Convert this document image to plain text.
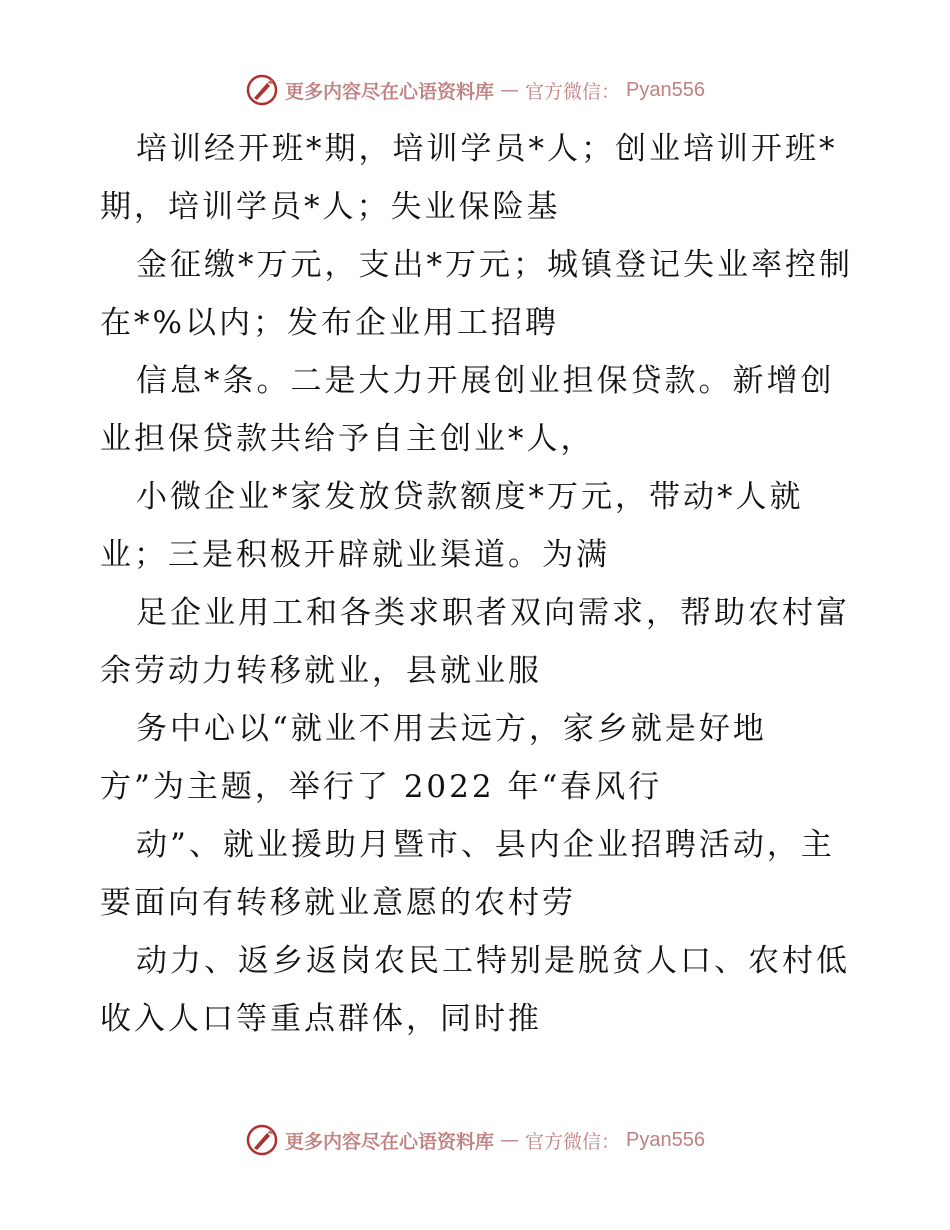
更多内容尽在心语资料库 — 官方微信： Pyan556
培训经开班*期，培训学员*人；创业培训开班*
期，培训学员*人；失业保险基
金征缴*万元，支出*万元；城镇登记失业率控制
在*%以内；发布企业用工招聘
信息*条。二是大力开展创业担保贷款。新增创
业担保贷款共给予自主创业*人，
小微企业*家发放贷款额度*万元，带动*人就
业；三是积极开辟就业渠道。为满
足企业用工和各类求职者双向需求，帮助农村富
余劳动力转移就业，县就业服
务中心以“就业不用去远方，家乡就是好地
方”为主题，举行了 2022 年“春风行
动”、就业援助月暨市、县内企业招聘活动，主
要面向有转移就业意愿的农村劳
动力、返乡返岗农民工特别是脱贫人口、农村低
收入人口等重点群体，同时推
更多内容尽在心语资料库 — 官方微信： Pyan556
